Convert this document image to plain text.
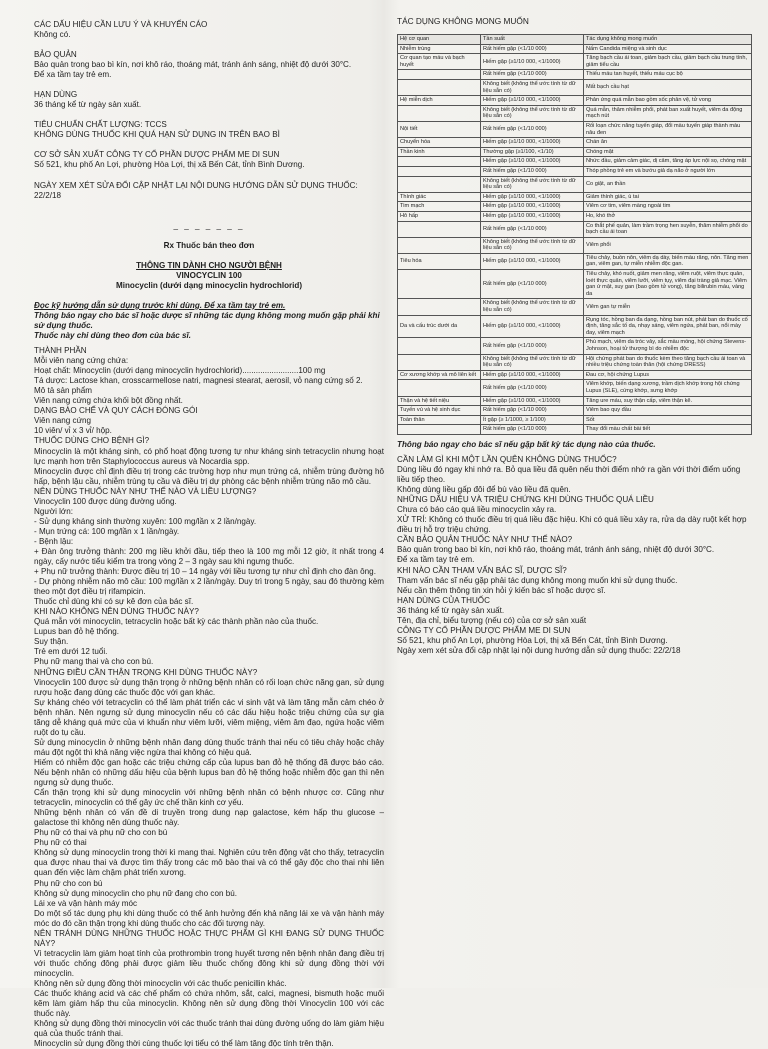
CÁC DẤU HIỆU CẦN LƯU Ý VÀ KHUYẾN CÁO

Không có.

BẢO QUẢN

Bảo quản trong bao bì kín, nơi khô ráo, thoáng mát, tránh ánh sáng, nhiệt độ dưới 30°C.

Để xa tầm tay trẻ em.

HẠN DÙNG

36 tháng kể từ ngày sản xuất.

TIÊU CHUẨN CHẤT LƯỢNG: TCCS

KHÔNG DÙNG THUỐC KHI QUÁ HẠN SỬ DỤNG IN TRÊN BAO BÌ

CƠ SỞ SẢN XUẤT CÔNG TY CỔ PHẦN DƯỢC PHẨM ME DI SUN

Số 521, khu phố An Lợi, phường Hòa Lợi, thị xã Bến Cát, tỉnh Bình Dương.

NGÀY XEM XÉT SỬA ĐỔI CẬP NHẬT LẠI NỘI DUNG HƯỚNG DẪN SỬ DỤNG THUỐC: 22/2/18

_ _ _ _ _ _ _

Rx Thuốc bán theo đơn

THÔNG TIN DÀNH CHO NGƯỜI BỆNH

VINOCYCLIN 100

Minocyclin (dưới dạng minocyclin hydrochlorid)

Đọc kỹ hướng dẫn sử dụng trước khi dùng. Để xa tầm tay trẻ em.

Thông báo ngay cho bác sĩ hoặc dược sĩ những tác dụng không mong muốn gặp phải khi sử dụng thuốc.

Thuốc này chỉ dùng theo đơn của bác sĩ.

THÀNH PHẦN

Mỗi viên nang cứng chứa:

Hoạt chất: Minocyclin (dưới dạng minocyclin hydrochlorid).........................100 mg

Tá dược: Lactose khan, crosscarmellose natri, magnesi stearat, aerosil, vỏ nang cứng số 2.

Mô tả sản phẩm

Viên nang cứng chứa khối bột đồng nhất.

DẠNG BÀO CHẾ VÀ QUY CÁCH ĐÓNG GÓI

Viên nang cứng

10 viên/ vỉ x 3 vỉ/ hộp.

THUỐC DÙNG CHO BỆNH GÌ?

Minocyclin là một kháng sinh, có phổ hoạt động tương tự như kháng sinh tetracyclin nhưng hoạt lực mạnh hơn trên Staphylococcus aureus và Nocardia spp.

Minocyclin được chỉ định điều trị trong các trường hợp như mụn trứng cá, nhiễm trùng đường hô hấp, bệnh lậu cầu, nhiễm trùng tụ cầu và điều trị dự phòng các bệnh nhiễm trùng não mô cầu.

NÊN DÙNG THUỐC NÀY NHƯ THẾ NÀO VÀ LIỀU LƯỢNG?

Vinocyclin 100 được dùng đường uống.

Người lớn:

- Sử dụng kháng sinh thường xuyên: 100 mg/lần x 2 lần/ngày.

- Mụn trứng cá: 100 mg/lần x 1 lần/ngày.

- Bệnh lậu:

+ Đàn ông trưởng thành: 200 mg liều khởi đầu, tiếp theo là 100 mg mỗi 12 giờ, ít nhất trong 4 ngày, cấy nước tiểu kiểm tra trong vòng 2 – 3 ngày sau khi ngưng thuốc.

+ Phụ nữ trưởng thành: Được điều trị 10 – 14 ngày với liều tương tự như chỉ định cho đàn ông.

- Dự phòng nhiễm não mô cầu: 100 mg/lần x 2 lần/ngày. Duy trì trong 5 ngày, sau đó thường kèm theo một đợt điều trị rifampicin.

Thuốc chỉ dùng khi có sự kê đơn của bác sĩ.

KHI NÀO KHÔNG NÊN DÙNG THUỐC NÀY?

Quá mẫn với minocyclin, tetracyclin hoặc bất kỳ các thành phần nào của thuốc.

Lupus ban đỏ hệ thống.

Suy thận.

Trẻ em dưới 12 tuổi.

Phụ nữ mang thai và cho con bú.

NHỮNG ĐIỀU CẦN THẬN TRỌNG KHI DÙNG THUỐC NÀY?

Vinocyclin 100 được sử dụng thận trọng ở những bệnh nhân có rối loạn chức năng gan, sử dụng rượu hoặc đang dùng các thuốc độc với gan khác.

Sự kháng chéo với tetracyclin có thể làm phát triển các vi sinh vật và làm tăng mẫn cảm chéo ở bệnh nhân. Nên ngưng sử dụng minocyclin nếu có các dấu hiệu hoặc triệu chứng của sự gia tăng dễ kháng quá mức của vi khuẩn như viêm lưỡi, viêm miệng, viêm âm đạo, ngứa hoặc viêm ruột do tụ cầu.

Sử dụng minocyclin ở những bệnh nhân đang dùng thuốc tránh thai nếu có tiêu chảy hoặc chảy máu đột ngột thì khả năng việc ngừa thai không có hiệu quả.

Hiếm có nhiễm độc gan hoặc các triệu chứng cấp của lupus ban đỏ hệ thống đã được báo cáo. Nếu bệnh nhân có những dấu hiệu của bệnh lupus ban đỏ hệ thống hoặc nhiễm độc gan thì nên ngưng sử dụng thuốc.

Cẩn thận trọng khi sử dụng minocyclin với những bệnh nhân có bệnh nhược cơ. Cũng như tetracyclin, minocyclin có thể gây ức chế thần kinh cơ yếu.

Những bệnh nhân có vấn đề di truyền trong dung nạp galactose, kém hấp thu glucose – galactose thì không nên dùng thuốc này.

Phụ nữ có thai và phụ nữ cho con bú

Phụ nữ có thai

Không sử dụng minocyclin trong thời kì mang thai. Nghiên cứu trên động vật cho thấy, tetracyclin qua được nhau thai và được tìm thấy trong các mô bào thai và có thể gây độc cho thai nhi liên quan đến việc làm chậm phát triển xương.

Phụ nữ cho con bú

Không sử dụng minocyclin cho phụ nữ đang cho con bú.

Lái xe và vận hành máy móc

Do một số tác dụng phụ khi dùng thuốc có thể ảnh hưởng đến khả năng lái xe và vận hành máy móc do đó cần thận trọng khi dùng thuốc cho các đối tượng này.

NÊN TRÁNH DÙNG NHỮNG THUỐC HOẶC THỰC PHẨM GÌ KHI ĐANG SỬ DỤNG THUỐC NÀY?

Vì tetracyclin làm giảm hoạt tính của prothrombin trong huyết tương nên bệnh nhân đang điều trị với thuốc chống đông phải được giảm liều thuốc chống đông khi sử dụng đồng thời với minocyclin.

Không nên sử dụng đồng thời minocyclin với các thuốc penicillin khác.

Các thuốc kháng acid và các chế phẩm có chứa nhôm, sắt, calci, magnesi, bismuth hoặc muối kẽm làm giảm hấp thu của minocyclin. Không nên sử dụng đồng thời Vinocyclin 100 với các thuốc này.

Không sử dụng đồng thời minocyclin với các thuốc tránh thai dùng đường uống do làm giảm hiệu quả của thuốc tránh thai.

Minocyclin sử dụng đồng thời cùng thuốc lợi tiểu có thể làm tăng độc tính trên thận.

TÁC DỤNG KHÔNG MONG MUỐN

Hệ cơ quan	Tần suất	Tác dụng không mong muốn
Nhiễm trùng	Rất hiếm gặp (<1/10 000)	Nấm Candida miệng và sinh dục
Cơ quan tạo máu và bạch huyết	Hiếm gặp (≥1/10 000, <1/1000)	Tăng bạch cầu ái toan, giảm bạch cầu, giảm bạch cầu trung tính, giảm tiểu cầu
	Rất hiếm gặp (<1/10 000)	Thiếu máu tan huyết, thiếu máu cục bộ
	Không biết (không thể ước tính từ dữ liệu sẵn có)	Mất bạch cầu hạt
Hệ miễn dịch	Hiếm gặp (≥1/10 000, <1/1000)	Phản ứng quá mẫn bao gồm sốc phản vệ, tử vong
	Không biết (không thể ước tính từ dữ liệu sẵn có)	Quá mẫn, thâm nhiễm phổi, phát ban xuất huyết, viêm da động mạch nút
Nội tiết	Rất hiếm gặp (<1/10 000)	Rối loạn chức năng tuyến giáp, đổi màu tuyến giáp thành màu nâu đen
Chuyển hóa	Hiếm gặp (≥1/10 000, <1/1000)	Chán ăn
Thần kinh	Thường gặp (≥1/100, <1/10)	Chóng mặt
	Hiếm gặp (≥1/10 000, <1/1000)	Nhức đầu, giảm cảm giác, dị cảm, tăng áp lực nội sọ, chóng mặt
	Rất hiếm gặp (<1/10 000)	Thóp phồng trẻ em và bướu giả dạ não ở người lớn
	Không biết (không thể ước tính từ dữ liệu sẵn có)	Co giật, an thần
Thính giác	Hiếm gặp (≥1/10 000, <1/1000)	Giảm thính giác, ù tai
Tim mạch	Hiếm gặp (≥1/10 000, <1/1000)	Viêm cơ tim, viêm màng ngoài tim
Hô hấp	Hiếm gặp (≥1/10 000, <1/1000)	Ho, khó thở
	Rất hiếm gặp (<1/10 000)	Co thắt phế quản, làm trầm trọng hen suyễn, thâm nhiễm phổi do bạch cầu ái toan
	Không biết (không thể ước tính từ dữ liệu sẵn có)	Viêm phổi
Tiêu hóa	Hiếm gặp (≥1/10 000, <1/1000)	Tiêu chảy, buồn nôn, viêm dạ dày, biến màu răng, nôn. Tăng men gan, viêm gan, tự miễn nhiễm độc gan.
	Rất hiếm gặp (<1/10 000)	Tiêu chảy, khó nuốt, giảm men răng, viêm ruột, viêm thực quản, loét thực quản, viêm lưỡi, viêm tụy, viêm đại tràng giả mạc. Viêm gan ứ mật, suy gan (bao gồm tử vong), tăng bilirubin máu, vàng da
	Không biết (không thể ước tính từ dữ liệu sẵn có)	Viêm gan tự miễn
Da và cấu trúc dưới da	Hiếm gặp (≥1/10 000, <1/1000)	Rụng tóc, hồng ban đa dạng, hồng ban nút, phát ban do thuốc cố định, tăng sắc tố da, nhạy sáng, viêm ngứa, phát ban, nổi mày đay, viêm mạch
	Rất hiếm gặp (<1/10 000)	Phù mạch, viêm da tróc vảy, sắc màu móng, hội chứng Stevens-Johnson, hoại tử thượng bì do nhiễm độc
	Không biết (không thể ước tính từ dữ liệu sẵn có)	Hội chứng phát ban do thuốc kèm theo tăng bạch cầu ái toan và nhiều triệu chứng toàn thân (hội chứng DRESS)
Cơ xương khớp và mô liên kết	Hiếm gặp (≥1/10 000, <1/1000)	Đau cơ, hội chứng Lupus
	Rất hiếm gặp (<1/10 000)	Viêm khớp, biến dạng xương, trầm dịch khớp trong hội chứng Lupus (SLE), cứng khớp, sưng khớp
Thận và hệ tiết niệu	Hiếm gặp (≥1/10 000, <1/1000)	Tăng ure máu, suy thận cấp, viêm thận kẽ.
Tuyến vú và hệ sinh dục	Rất hiếm gặp (<1/10 000)	Viêm bao quy đầu
Toàn thân	Ít gặp (≥ 1/1000, ≥ 1/100)	Sốt
	Rất hiếm gặp (<1/10 000)	Thay đổi màu chất bài tiết

Thông báo ngay cho bác sĩ nếu gặp bất kỳ tác dụng nào của thuốc.

CẦN LÀM GÌ KHI MỘT LẦN QUÊN KHÔNG DÙNG THUỐC?

Dùng liều đó ngay khi nhớ ra. Bỏ qua liều đã quên nếu thời điểm nhớ ra gần với thời điểm uống liều tiếp theo.

Không dùng liều gấp đôi để bù vào liều đã quên.

NHỮNG DẤU HIỆU VÀ TRIỆU CHỨNG KHI DÙNG THUỐC QUÁ LIỀU

Chưa có báo cáo quá liều minocyclin xảy ra.

XỬ TRÍ: Không có thuốc điều trị quá liều đặc hiệu. Khi có quá liều xảy ra, rửa dạ dày ruột kết hợp điều trị hỗ trợ triệu chứng.

CẦN BẢO QUẢN THUỐC NÀY NHƯ THẾ NÀO?

Bảo quản trong bao bì kín, nơi khô ráo, thoáng mát, tránh ánh sáng, nhiệt độ dưới 30°C.

Để xa tầm tay trẻ em.

KHI NÀO CẦN THAM VẤN BÁC SĨ, DƯỢC SĨ?

Tham vấn bác sĩ nếu gặp phải tác dụng không mong muốn khi sử dụng thuốc.

Nếu cần thêm thông tin xin hỏi ý kiến bác sĩ hoặc dược sĩ.

HẠN DÙNG CỦA THUỐC

36 tháng kể từ ngày sản xuất.

Tên, địa chỉ, biểu tượng (nếu có) của cơ sở sản xuất

CÔNG TY CỔ PHẦN DƯỢC PHẨM ME DI SUN

Số 521, khu phố An Lợi, phường Hòa Lợi, thị xã Bến Cát, tỉnh Bình Dương.

Ngày xem xét sửa đổi cập nhật lại nội dung hướng dẫn sử dụng thuốc: 22/2/18
